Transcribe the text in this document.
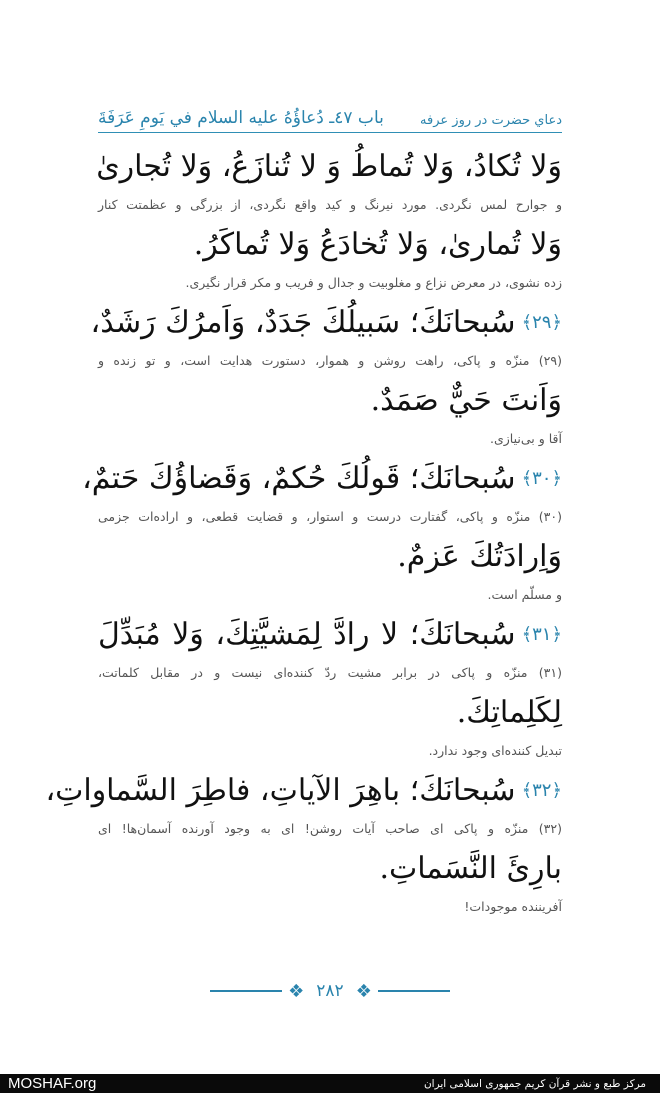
باب ٤٧ـ دُعاؤُهُ عليه السلام في يَومِ عَرَفَةَ	دعاي حضرت در روز عرفه
وَلا تُكادُ، وَلا تُماطُ وَ لا تُنازَعُ، وَلا تُجارىٰ
و جوارح لمس نگردی. مورد نیرنگ و کید واقع نگردی، از بزرگی و عظمتت کنار
وَلا تُمارىٰ، وَلا تُخادَعُ وَلا تُماكَرُ.
زده نشوی، در معرض نزاع و مغلوبیت و جدال و فریب و مکر قرار نگیری.
﴿٢٩﴾سُبحانَكَ؛ سَبيلُكَ جَدَدٌ، وَاَمرُكَ رَشَدٌ،
(۲۹) منزّه و پاکی، راهت روشن و هموار، دستورت هدایت است، و تو زنده و
وَاَنتَ حَيٌّ صَمَدٌ.
آقا و بی‌نیازی.
﴿٣٠﴾سُبحانَكَ؛ قَولُكَ حُكمٌ، وَقَضاؤُكَ حَتمٌ،
(۳۰) منزّه و پاکی، گفتارت درست و استوار، و قضایت قطعی، و اراده‌ات جزمی
وَاِرادَتُكَ عَزمٌ.
و مسلّم است.
﴿٣١﴾سُبحانَكَ؛ لا رادَّ لِمَشيَّتِكَ، وَلا مُبَدِّلَ
(۳۱) منزّه و پاکی در برابر مشیت ردّ کننده‌ای نیست و در مقابل کلماتت،
لِكَلِماتِكَ.
تبدیل کننده‌ای وجود ندارد.
﴿٣٢﴾سُبحانَكَ؛ باهِرَ الآياتِ، فاطِرَ السَّماواتِ،
(۳۲) منزّه و پاکی ای صاحب آیات روشن! ای به وجود آورنده آسمان‌ها! ای
بارِئَ النَّسَماتِ.
آفریننده موجودات!
❖ ٢٨٢ ❖
MOSHAF.org	مرکز طبع و نشر قرآن کریم جمهوری اسلامی ایران
